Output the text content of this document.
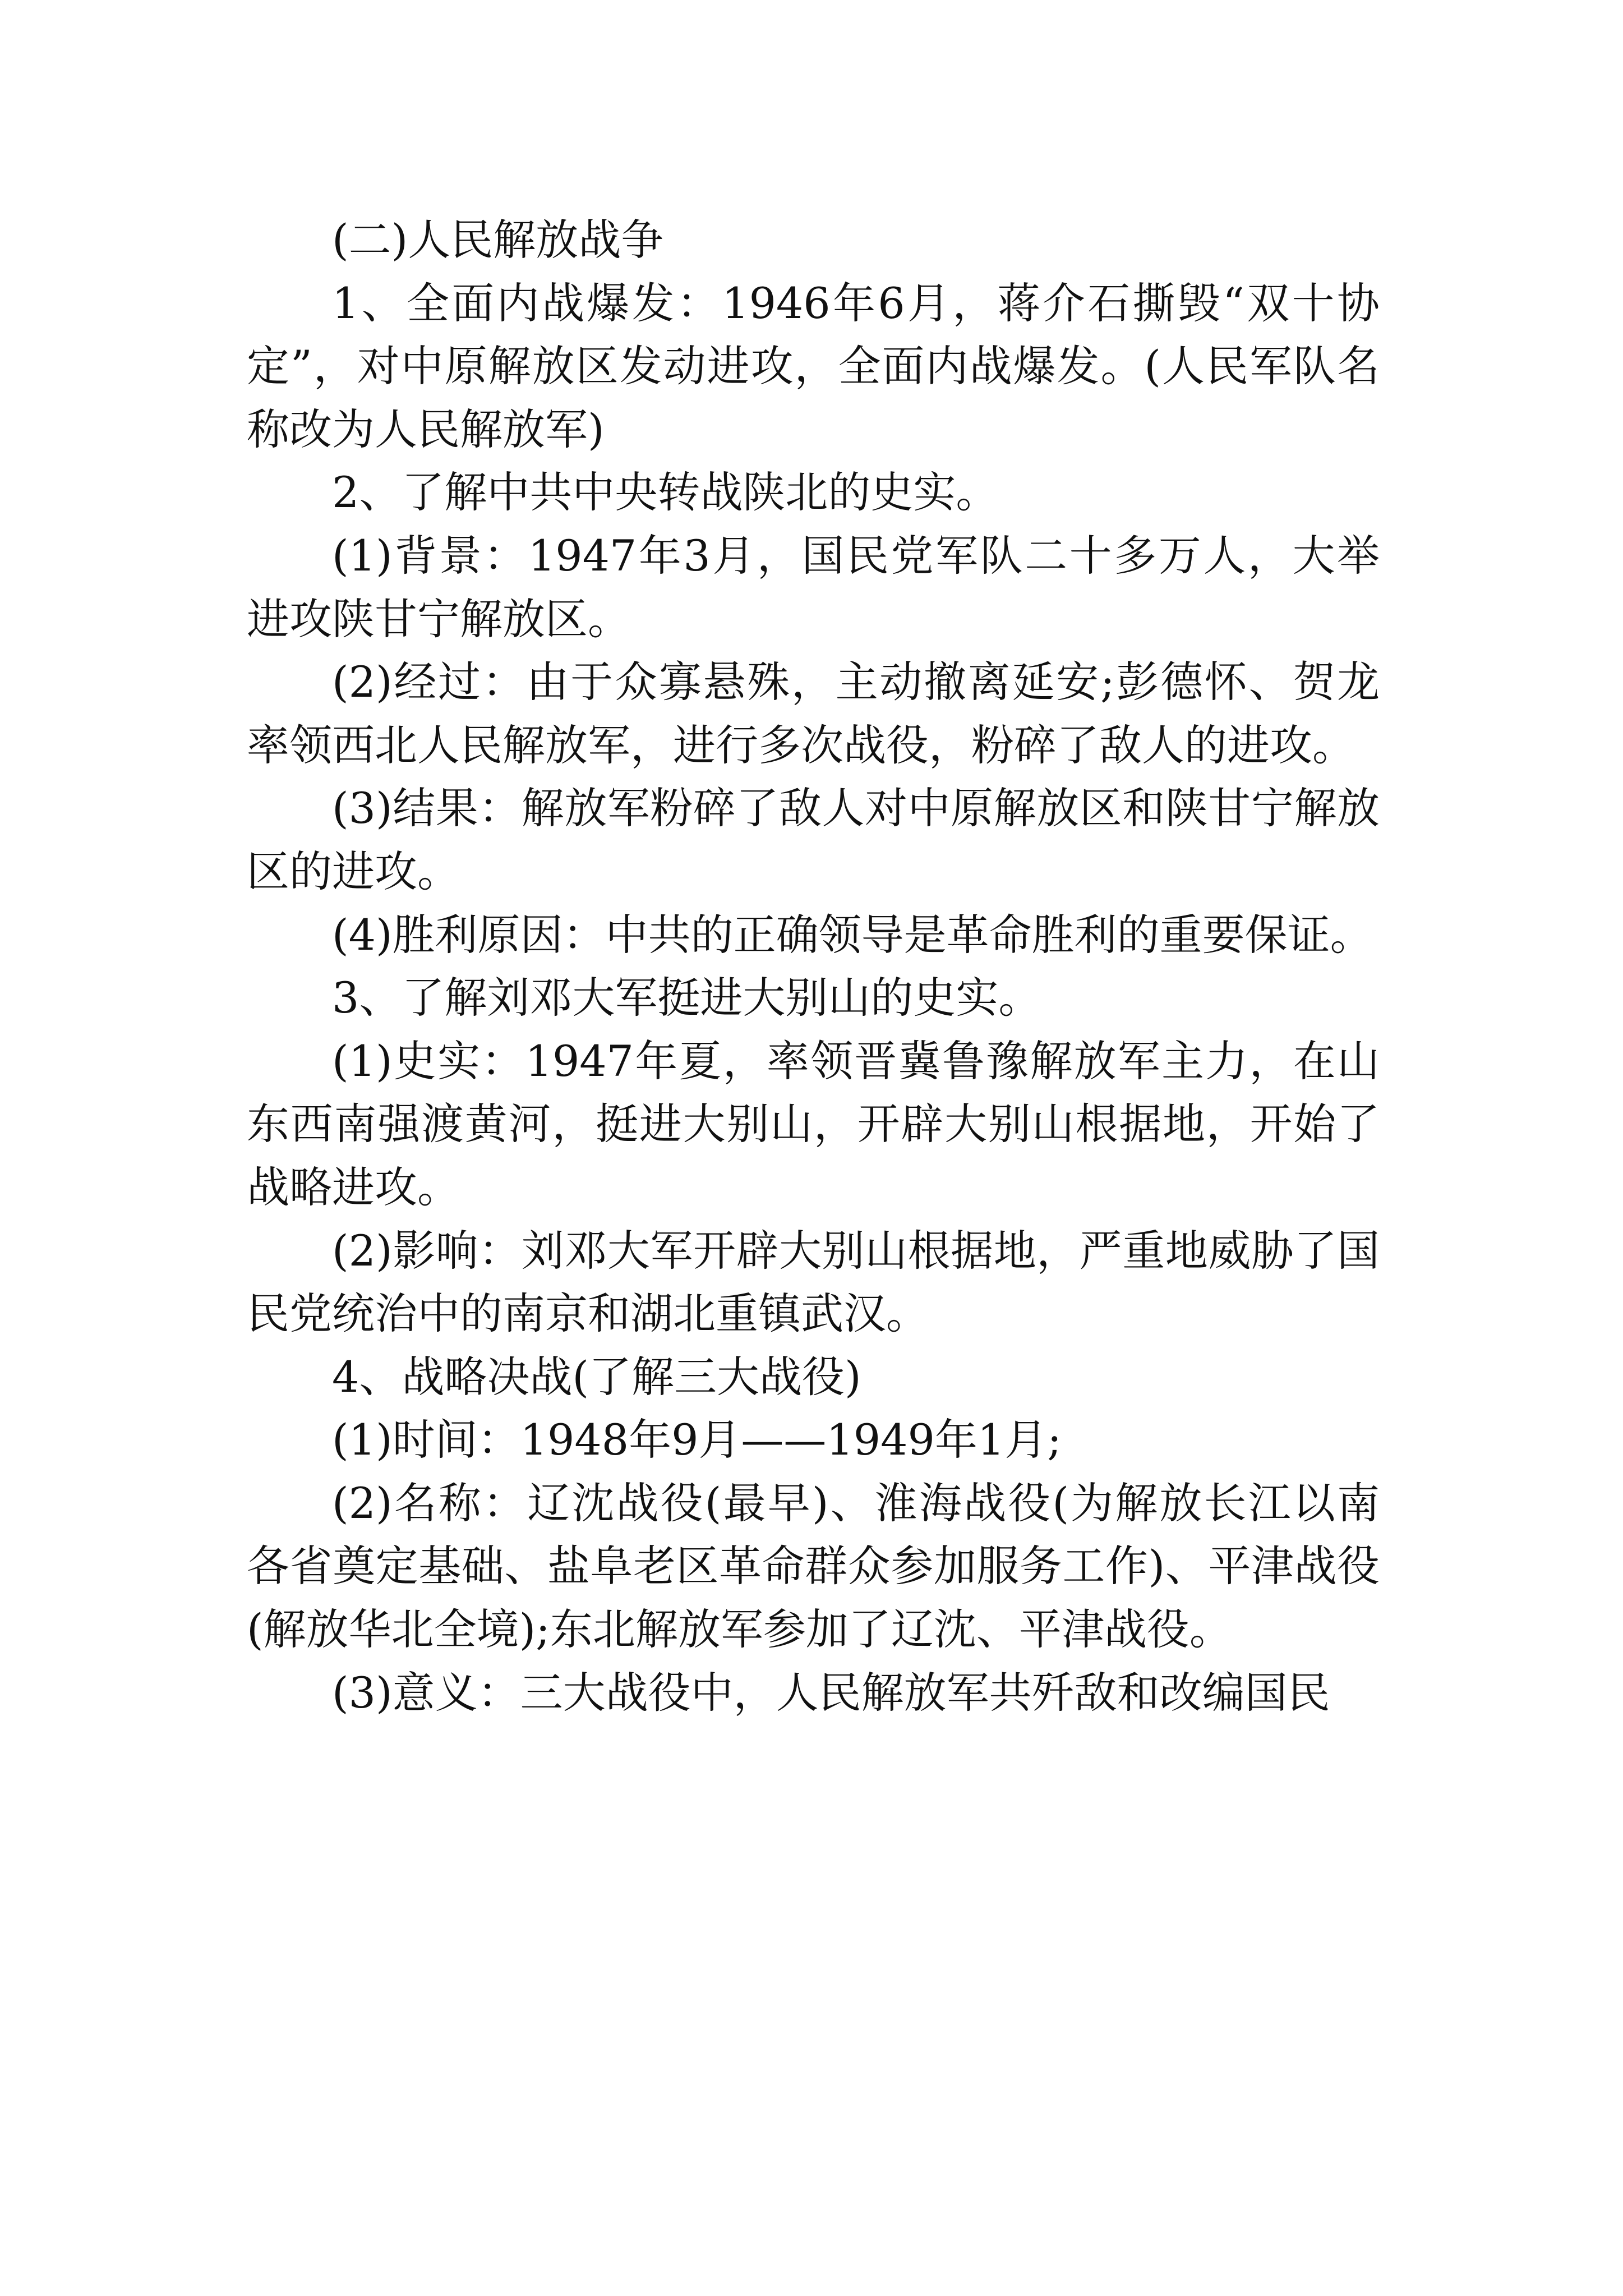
(二)人民解放战争

1、全面内战爆发：1946年6月，蒋介石撕毁“双十协定”，对中原解放区发动进攻，全面内战爆发。(人民军队名称改为人民解放军)

2、了解中共中央转战陕北的史实。

(1)背景：1947年3月，国民党军队二十多万人，大举进攻陕甘宁解放区。

(2)经过：由于众寡悬殊，主动撤离延安;彭德怀、贺龙率领西北人民解放军，进行多次战役，粉碎了敌人的进攻。

(3)结果：解放军粉碎了敌人对中原解放区和陕甘宁解放区的进攻。

(4)胜利原因：中共的正确领导是革命胜利的重要保证。

3、了解刘邓大军挺进大别山的史实。

(1)史实：1947年夏，率领晋冀鲁豫解放军主力，在山东西南强渡黄河，挺进大别山，开辟大别山根据地，开始了战略进攻。

(2)影响：刘邓大军开辟大别山根据地，严重地威胁了国民党统治中的南京和湖北重镇武汉。

4、战略决战(了解三大战役)

(1)时间：1948年9月——1949年1月;

(2)名称：辽沈战役(最早)、淮海战役(为解放长江以南各省奠定基础、盐阜老区革命群众参加服务工作)、平津战役(解放华北全境);东北解放军参加了辽沈、平津战役。

(3)意义：三大战役中，人民解放军共歼敌和改编国民
